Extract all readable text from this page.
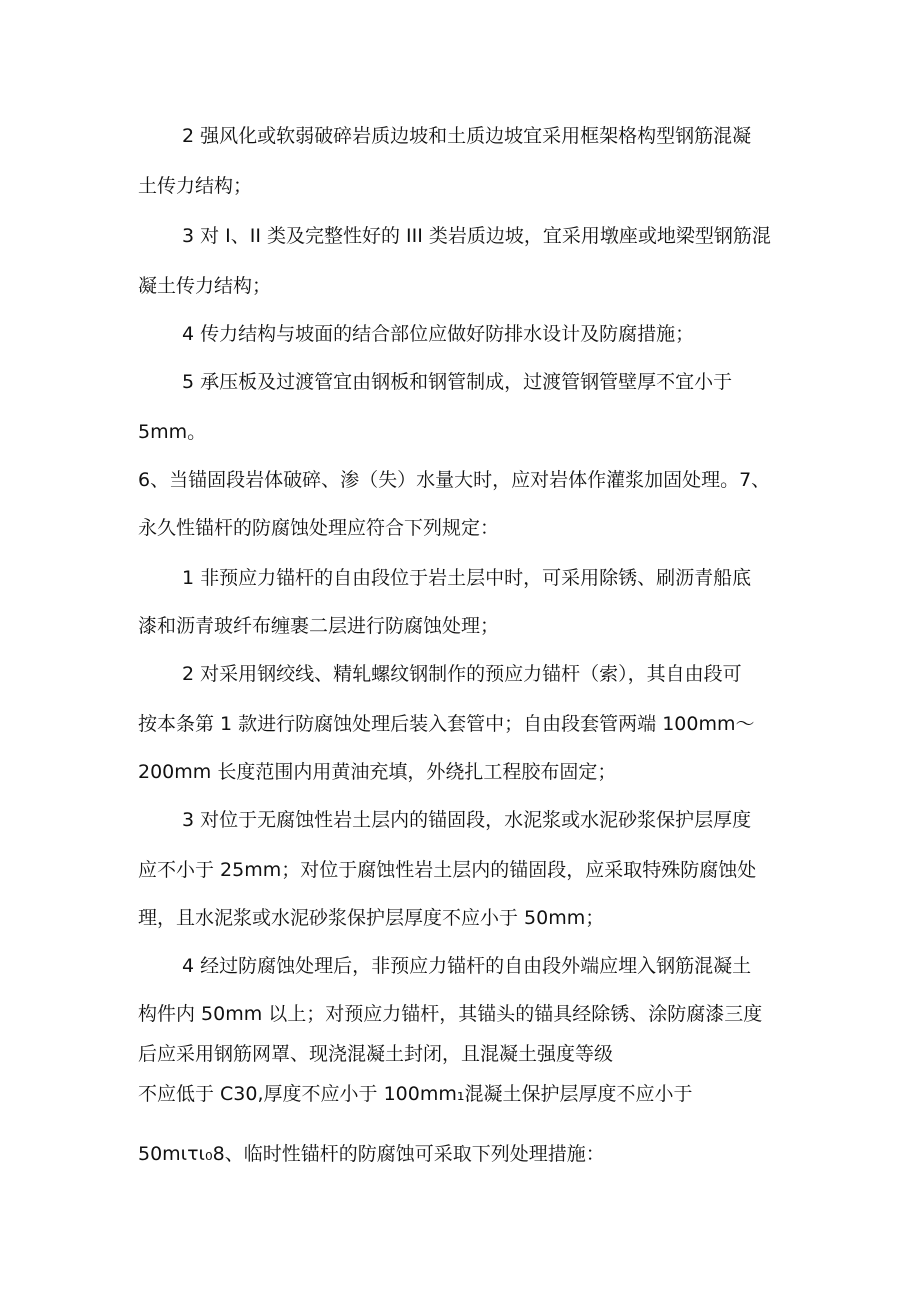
2 强风化或软弱破碎岩质边坡和土质边坡宜采用框架格构型钢筋混凝
土传力结构；
3 对 I、II 类及完整性好的 III 类岩质边坡，宜采用墩座或地梁型钢筋混
凝土传力结构；
4 传力结构与坡面的结合部位应做好防排水设计及防腐措施；
5 承压板及过渡管宜由钢板和钢管制成，过渡管钢管壁厚不宜小于
5mm。
6、当锚固段岩体破碎、渗（失）水量大时，应对岩体作灌浆加固处理。7、
永久性锚杆的防腐蚀处理应符合下列规定：
1 非预应力锚杆的自由段位于岩土层中时，可采用除锈、刷沥青船底
漆和沥青玻纤布缠裹二层进行防腐蚀处理；
2 对采用钢绞线、精轧螺纹钢制作的预应力锚杆（索），其自由段可
按本条第 1 款进行防腐蚀处理后装入套管中；自由段套管两端 100mm〜
200mm 长度范围内用黄油充填，外绕扎工程胶布固定；
3 对位于无腐蚀性岩土层内的锚固段，水泥浆或水泥砂浆保护层厚度
应不小于 25mm；对位于腐蚀性岩土层内的锚固段，应采取特殊防腐蚀处
理，且水泥浆或水泥砂浆保护层厚度不应小于 50mm；
4 经过防腐蚀处理后，非预应力锚杆的自由段外端应埋入钢筋混凝土
构件内 50mm 以上；对预应力锚杆，其锚头的锚具经除锈、涂防腐漆三度
后应采用钢筋网罩、现浇混凝土封闭，且混凝土强度等级
不应低于 C30,厚度不应小于 100mm₁混凝土保护层厚度不应小于
50mιτι₀8、临时性锚杆的防腐蚀可采取下列处理措施：
